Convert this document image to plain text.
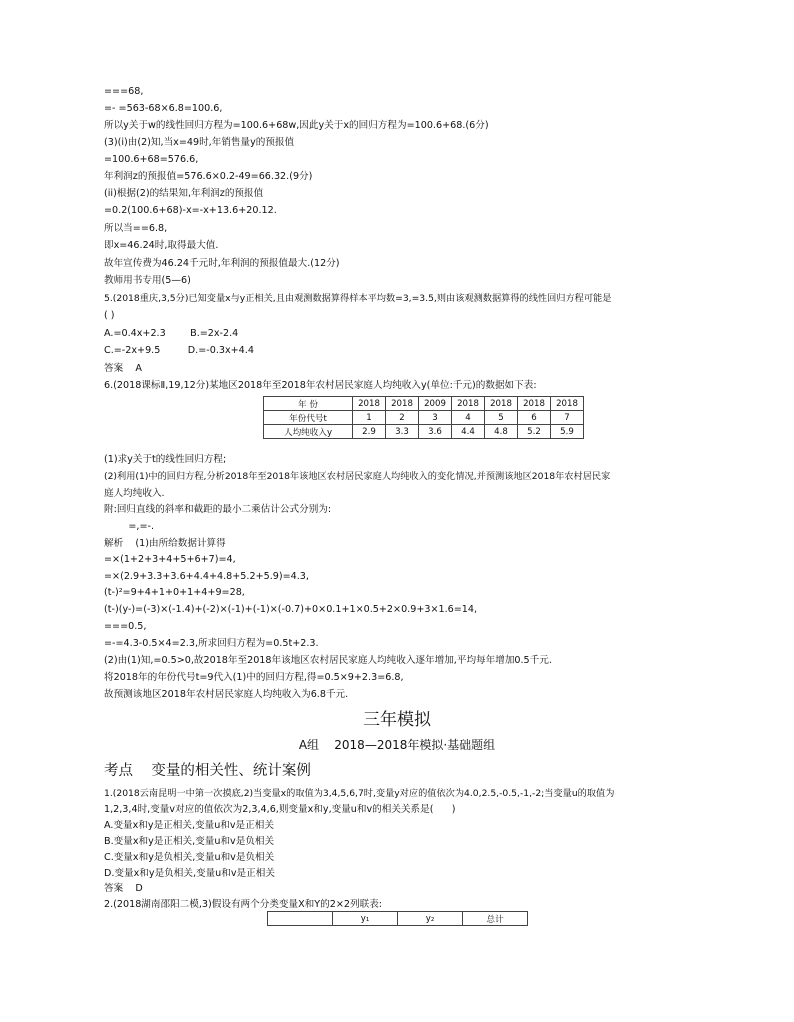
===68,
=- =563-68×6.8=100.6,
所以y关于w的线性回归方程为=100.6+68w,因此y关于x的回归方程为=100.6+68.(6分)
(3)(i)由(2)知,当x=49时,年销售量y的预报值
=100.6+68=576.6,
年利润z的预报值=576.6×0.2-49=66.32.(9分)
(ii)根据(2)的结果知,年利润z的预报值
=0.2(100.6+68)-x=-x+13.6+20.12.
所以当==6.8,
即x=46.24时,取得最大值.
故年宣传费为46.24千元时,年利润的预报值最大.(12分)
教师用书专用(5—6)
5.(2018重庆,3,5分)已知变量x与y正相关,且由观测数据算得样本平均数=3,=3.5,则由该观测数据算得的线性回归方程可能是
( )
A.=0.4x+2.3        B.=2x-2.4
C.=-2x+9.5         D.=-0.3x+4.4
答案    A
6.(2018课标Ⅱ,19,12分)某地区2018年至2018年农村居民家庭人均纯收入y(单位:千元)的数据如下表:
年 份	2018	2018	2009	2018	2018	2018	2018
年份代号t	1	2	3	4	5	6	7
人均纯收入y	2.9	3.3	3.6	4.4	4.8	5.2	5.9
(1)求y关于t的线性回归方程;
(2)利用(1)中的回归方程,分析2018年至2018年该地区农村居民家庭人均纯收入的变化情况,并预测该地区2018年农村居民家
庭人均纯收入.
附:回归直线的斜率和截距的最小二乘估计公式分别为:
=,=-.
解析    (1)由所给数据计算得
=×(1+2+3+4+5+6+7)=4,
=×(2.9+3.3+3.6+4.4+4.8+5.2+5.9)=4.3,
(t-)²=9+4+1+0+1+4+9=28,
(t-)(y-)=(-3)×(-1.4)+(-2)×(-1)+(-1)×(-0.7)+0×0.1+1×0.5+2×0.9+3×1.6=14,
===0.5,
=-=4.3-0.5×4=2.3,所求回归方程为=0.5t+2.3.
(2)由(1)知,=0.5>0,故2018年至2018年该地区农村居民家庭人均纯收入逐年增加,平均每年增加0.5千元.
将2018年的年份代号t=9代入(1)中的回归方程,得=0.5×9+2.3=6.8,
故预测该地区2018年农村居民家庭人均纯收入为6.8千元.
三年模拟
A组    2018—2018年模拟·基础题组
考点    变量的相关性、统计案例
1.(2018云南昆明一中第一次摸底,2)当变量x的取值为3,4,5,6,7时,变量y对应的值依次为4.0,2.5,-0.5,-1,-2;当变量u的取值为
1,2,3,4时,变量v对应的值依次为2,3,4,6,则变量x和y,变量u和v的相关关系是(      )
A.变量x和y是正相关,变量u和v是正相关
B.变量x和y是正相关,变量u和v是负相关
C.变量x和y是负相关,变量u和v是负相关
D.变量x和y是负相关,变量u和v是正相关
答案    D
2.(2018湖南邵阳二模,3)假设有两个分类变量X和Y的2×2列联表:
	y₁	y₂	总计
